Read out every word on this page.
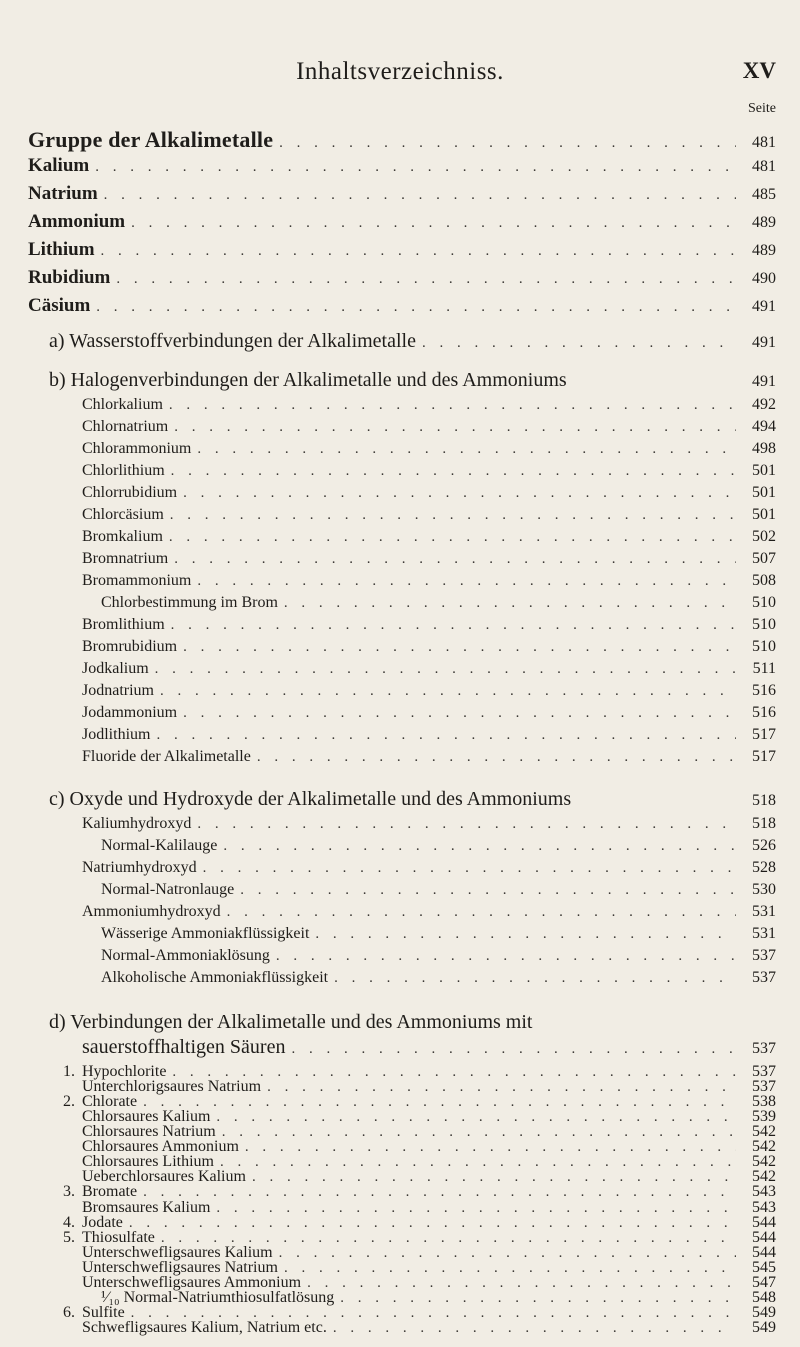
Inhaltsverzeichniss.	XV
Seite
Gruppe der Alkalimetalle . . .	481
Kalium . . .	481
Natrium . . .	485
Ammonium . . .	489
Lithium . . .	489
Rubidium . . .	490
Cäsium . . .	491
a) Wasserstoffverbindungen der Alkalimetalle . . .	491
b) Halogenverbindungen der Alkalimetalle und des Ammoniums	491
Chlorkalium . . .	492
Chlornatrium . . .	494
Chlorammonium . . .	498
Chlorlithium . . .	501
Chlorrubidium . . .	501
Chlorcäsium . . .	501
Bromkalium . . .	502
Bromnatrium . . .	507
Bromammonium . . .	508
Chlorbestimmung im Brom . . .	510
Bromlithium . . .	510
Bromrubidium . . .	510
Jodkalium . . .	511
Jodnatrium . . .	516
Jodammonium . . .	516
Jodlithium . . .	517
Fluoride der Alkalimetalle . . .	517
c) Oxyde und Hydroxyde der Alkalimetalle und des Ammoniums	518
Kaliumhydroxyd . . .	518
Normal-Kalilauge . . .	526
Natriumhydroxyd . . .	528
Normal-Natronlauge . . .	530
Ammoniumhydroxyd . . .	531
Wässerige Ammoniakflüssigkeit . . .	531
Normal-Ammoniaklösung . . .	537
Alkoholische Ammoniakflüssigkeit . . .	537
d) Verbindungen der Alkalimetalle und des Ammoniums mit
sauerstoffhaltigen Säuren . . .	537
1. Hypochlorite . . .	537
Unterchlorigsaures Natrium . . .	537
2. Chlorate . . .	538
Chlorsaures Kalium . . .	539
Chlorsaures Natrium . . .	542
Chlorsaures Ammonium . . .	542
Chlorsaures Lithium . . .	542
Ueberchlorsaures Kalium . . .	542
3. Bromate . . .	543
Bromsaures Kalium . . .	543
4. Jodate . . .	544
5. Thiosulfate . . .	544
Unterschwefligsaures Kalium . . .	544
Unterschwefligsaures Natrium . . .	545
Unterschwefligsaures Ammonium . . .	547
¹⁄₁₀ Normal-Natriumthiosulfatlösung . . .	548
6. Sulfite . . .	549
Schwefligsaures Kalium, Natrium etc. . . .	549
